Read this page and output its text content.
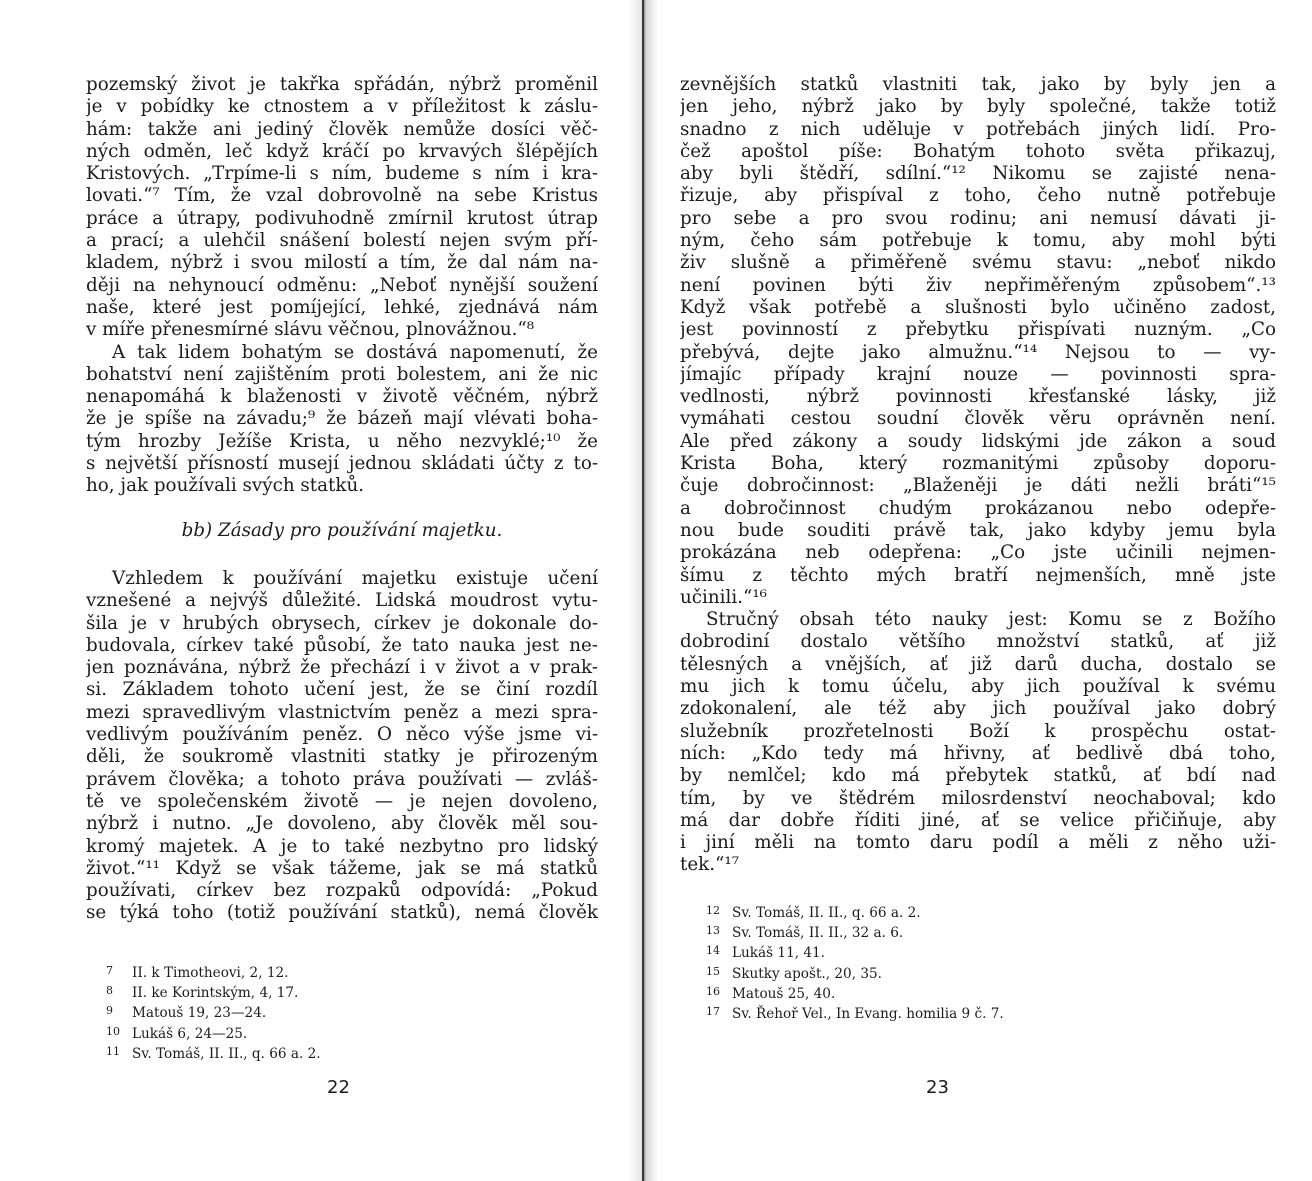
pozemský život je takřka spřádán, nýbrž proměnil
je v pobídky ke ctnostem a v příležitost k záslu-
hám: takže ani jediný člověk nemůže dosíci věč-
ných odměn, leč když kráčí po krvavých šlépějích
Kristových. „Trpíme-li s ním, budeme s ním i kra-
lovati.“⁷ Tím, že vzal dobrovolně na sebe Kristus
práce a útrapy, podivuhodně zmírnil krutost útrap
a prací; a ulehčil snášení bolestí nejen svým pří-
kladem, nýbrž i svou milostí a tím, že dal nám na-
ději na nehynoucí odměnu: „Neboť nynější soužení
naše, které jest pomíjející, lehké, zjednává nám
v míře přenesmírné slávu věčnou, plnovážnou.“⁸
A tak lidem bohatým se dostává napomenutí, že
bohatství není zajištěním proti bolestem, ani že nic
nenapomáhá k blaženosti v životě věčném, nýbrž
že je spíše na závadu;⁹ že bázeň mají vlévati boha-
tým hrozby Ježíše Krista, u něho nezvyklé;¹⁰ že
s největší přísností musejí jednou skládati účty z to-
ho, jak používali svých statků.
bb) Zásady pro používání majetku.
Vzhledem k používání majetku existuje učení
vznešené a nejvýš důležité. Lidská moudrost vytu-
šila je v hrubých obrysech, církev je dokonale do-
budovala, církev také působí, že tato nauka jest ne-
jen poznávána, nýbrž že přechází i v život a v prak-
si. Základem tohoto učení jest, že se činí rozdíl
mezi spravedlivým vlastnictvím peněz a mezi spra-
vedlivým používáním peněz. O něco výše jsme vi-
děli, že soukromě vlastniti statky je přirozeným
právem člověka; a tohoto práva používati — zvláš-
tě ve společenském životě — je nejen dovoleno,
nýbrž i nutno. „Je dovoleno, aby člověk měl sou-
kromý majetek. A je to také nezbytno pro lidský
život.“¹¹ Když se však tážeme, jak se má statků
používati, církev bez rozpaků odpovídá: „Pokud
se týká toho (totiž používání statků), nemá člověk
7 II. k Timotheovi, 2, 12.
8 II. ke Korintským, 4, 17.
9 Matouš 19, 23—24.
10 Lukáš 6, 24—25.
11 Sv. Tomáš, II. II., q. 66 a. 2.
22
zevnějších statků vlastniti tak, jako by byly jen a
jen jeho, nýbrž jako by byly společné, takže totiž
snadno z nich uděluje v potřebách jiných lidí. Pro-
čež apoštol píše: Bohatým tohoto světa přikazuj,
aby byli štědří, sdílní.“¹² Nikomu se zajisté nena-
řizuje, aby přispíval z toho, čeho nutně potřebuje
pro sebe a pro svou rodinu; ani nemusí dávati ji-
ným, čeho sám potřebuje k tomu, aby mohl býti
živ slušně a přiměřeně svému stavu: „neboť nikdo
není povinen býti živ nepřiměřeným způsobem“.¹³
Když však potřebě a slušnosti bylo učiněno zadost,
jest povinností z přebytku přispívati nuzným. „Co
přebývá, dejte jako almužnu.“¹⁴ Nejsou to — vy-
jímajíc případy krajní nouze — povinnosti spra-
vedlnosti, nýbrž povinnosti křesťanské lásky, již
vymáhati cestou soudní člověk věru oprávněn není.
Ale před zákony a soudy lidskými jde zákon a soud
Krista Boha, který rozmanitými způsoby doporu-
čuje dobročinnost: „Blaženěji je dáti nežli bráti“¹⁵
a dobročinnost chudým prokázanou nebo odepře-
nou bude souditi právě tak, jako kdyby jemu byla
prokázána neb odepřena: „Co jste učinili nejmen-
šímu z těchto mých bratří nejmenších, mně jste
učinili.“¹⁶
Stručný obsah této nauky jest: Komu se z Božího
dobrodiní dostalo většího množství statků, ať již
tělesných a vnějších, ať již darů ducha, dostalo se
mu jich k tomu účelu, aby jich používal k svému
zdokonalení, ale též aby jich používal jako dobrý
služebník prozřetelnosti Boží k prospěchu ostat-
ních: „Kdo tedy má hřivny, ať bedlivě dbá toho,
by nemlčel; kdo má přebytek statků, ať bdí nad
tím, by ve štědrém milosrdenství neochaboval; kdo
má dar dobře říditi jiné, ať se velice přičiňuje, aby
i jiní měli na tomto daru podíl a měli z něho uži-
tek.“¹⁷
12 Sv. Tomáš, II. II., q. 66 a. 2.
13 Sv. Tomáš, II. II., 32 a. 6.
14 Lukáš 11, 41.
15 Skutky apošt., 20, 35.
16 Matouš 25, 40.
17 Sv. Řehoř Vel., In Evang. homilia 9 č. 7.
23
